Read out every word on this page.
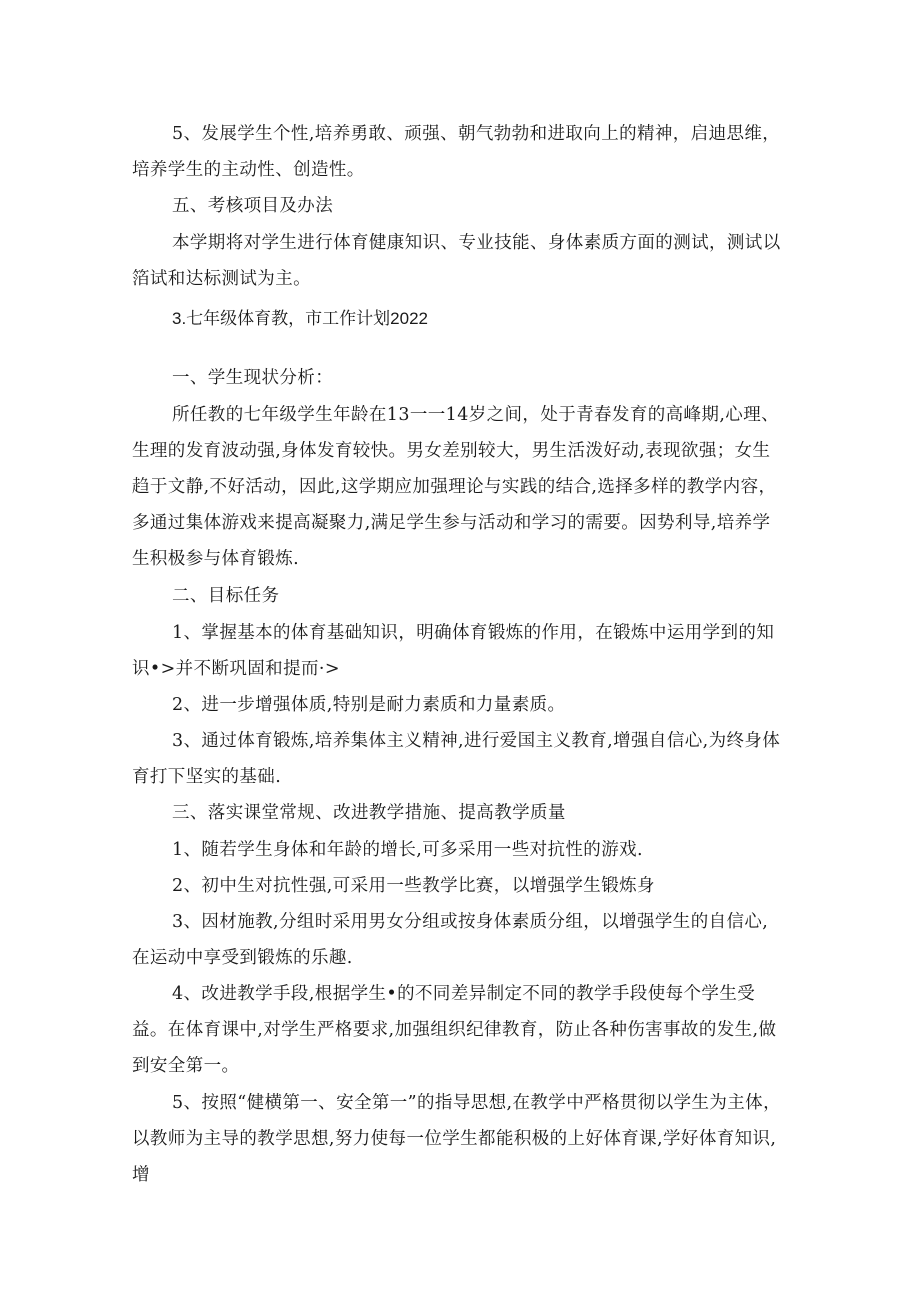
5、发展学生个性,培养勇敢、顽强、朝气勃勃和进取向上的精神，启迪思维，培养学生的主动性、创造性。

五、考核项目及办法

本学期将对学生进行体育健康知识、专业技能、身体素质方面的测试，测试以箔试和达标测试为主。

3.七年级体育教，市工作计划2022

一、学生现状分析：

所任教的七年级学生年龄在13一一14岁之间，处于青春发育的高峰期,心理、生理的发育波动强,身体发育较快。男女差别较大，男生活泼好动,表现欲强；女生趋于文静,不好活动，因此,这学期应加强理论与实践的结合,选择多样的教学内容，多通过集体游戏来提高凝聚力,满足学生参与活动和学习的需要。因势利导,培养学生积极参与体育锻炼.

二、目标任务

1、掌握基本的体育基础知识，明确体育锻炼的作用，在锻炼中运用学到的知识•>并不断巩固和提而·>

2、进一步增强体质,特别是耐力素质和力量素质。

3、通过体育锻炼,培养集体主义精神,进行爱国主义教育,增强自信心,为终身体育打下坚实的基础.

三、落实课堂常规、改进教学措施、提高教学质量

1、随若学生身体和年龄的增长,可多采用一些对抗性的游戏.

2、初中生对抗性强,可采用一些教学比赛，以增强学生锻炼身

3、因材施教,分组时采用男女分组或按身体素质分组，以增强学生的自信心,在运动中享受到锻炼的乐趣.

4、改进教学手段,根据学生•的不同差异制定不同的教学手段使每个学生受益。在体育课中,对学生严格要求,加强组织纪律教育，防止各种伤害事故的发生,做到安全第一。

5、按照“健横第一、安全第一”的指导思想,在教学中严格贯彻以学生为主体，以教师为主导的教学思想,努力使每一位学生都能积极的上好体育课,学好体育知识,增
